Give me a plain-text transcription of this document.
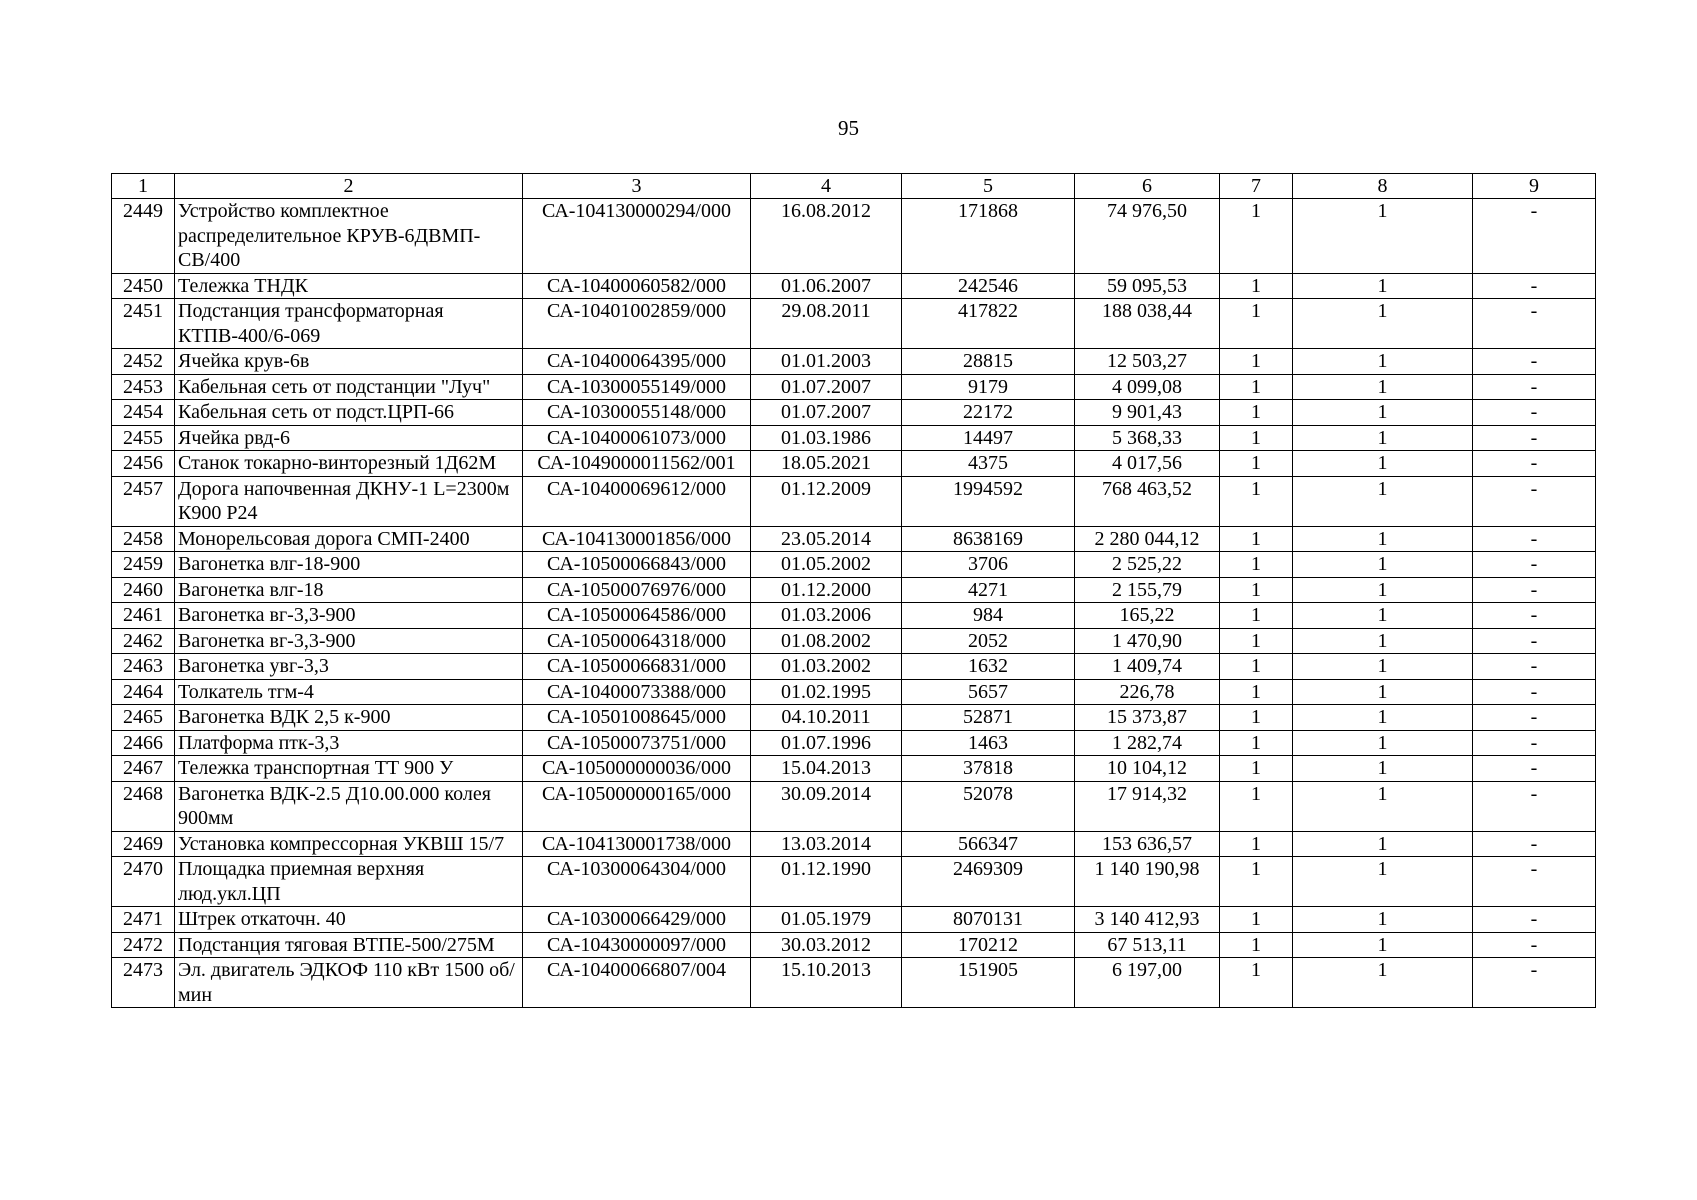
95
1	2	3	4	5	6	7	8	9
2449	Устройство комплектное распределительное КРУВ-6ДВМП-СВ/400	СА-104130000294/000	16.08.2012	171868	74 976,50	1	1	-
2450	Тележка ТНДК	СА-10400060582/000	01.06.2007	242546	59 095,53	1	1	-
2451	Подстанция трансформаторная КТПВ-400/6-069	СА-10401002859/000	29.08.2011	417822	188 038,44	1	1	-
2452	Ячейка крув-6в	СА-10400064395/000	01.01.2003	28815	12 503,27	1	1	-
2453	Кабельная сеть от подстанции "Луч"	СА-10300055149/000	01.07.2007	9179	4 099,08	1	1	-
2454	Кабельная сеть от подст.ЦРП-66	СА-10300055148/000	01.07.2007	22172	9 901,43	1	1	-
2455	Ячейка рвд-6	СА-10400061073/000	01.03.1986	14497	5 368,33	1	1	-
2456	Станок токарно-винторезный 1Д62М	СА-1049000011562/001	18.05.2021	4375	4 017,56	1	1	-
2457	Дорога напочвенная ДКНУ-1 L=2300м К900 Р24	СА-10400069612/000	01.12.2009	1994592	768 463,52	1	1	-
2458	Монорельсовая дорога СМП-2400	СА-104130001856/000	23.05.2014	8638169	2 280 044,12	1	1	-
2459	Вагонетка влг-18-900	СА-10500066843/000	01.05.2002	3706	2 525,22	1	1	-
2460	Вагонетка влг-18	СА-10500076976/000	01.12.2000	4271	2 155,79	1	1	-
2461	Вагонетка вг-3,3-900	СА-10500064586/000	01.03.2006	984	165,22	1	1	-
2462	Вагонетка вг-3,3-900	СА-10500064318/000	01.08.2002	2052	1 470,90	1	1	-
2463	Вагонетка увг-3,3	СА-10500066831/000	01.03.2002	1632	1 409,74	1	1	-
2464	Толкатель тгм-4	СА-10400073388/000	01.02.1995	5657	226,78	1	1	-
2465	Вагонетка ВДК 2,5 к-900	СА-10501008645/000	04.10.2011	52871	15 373,87	1	1	-
2466	Платформа птк-3,3	СА-10500073751/000	01.07.1996	1463	1 282,74	1	1	-
2467	Тележка транспортная ТТ 900 У	СА-105000000036/000	15.04.2013	37818	10 104,12	1	1	-
2468	Вагонетка ВДК-2.5 Д10.00.000 колея 900мм	СА-105000000165/000	30.09.2014	52078	17 914,32	1	1	-
2469	Установка компрессорная УКВШ 15/7	СА-104130001738/000	13.03.2014	566347	153 636,57	1	1	-
2470	Площадка приемная верхняя люд.укл.ЦП	СА-10300064304/000	01.12.1990	2469309	1 140 190,98	1	1	-
2471	Штрек откаточн. 40	СА-10300066429/000	01.05.1979	8070131	3 140 412,93	1	1	-
2472	Подстанция тяговая ВТПЕ-500/275М	СА-10430000097/000	30.03.2012	170212	67 513,11	1	1	-
2473	Эл. двигатель ЭДКОФ 110 кВт 1500 об/мин	СА-10400066807/004	15.10.2013	151905	6 197,00	1	1	-
